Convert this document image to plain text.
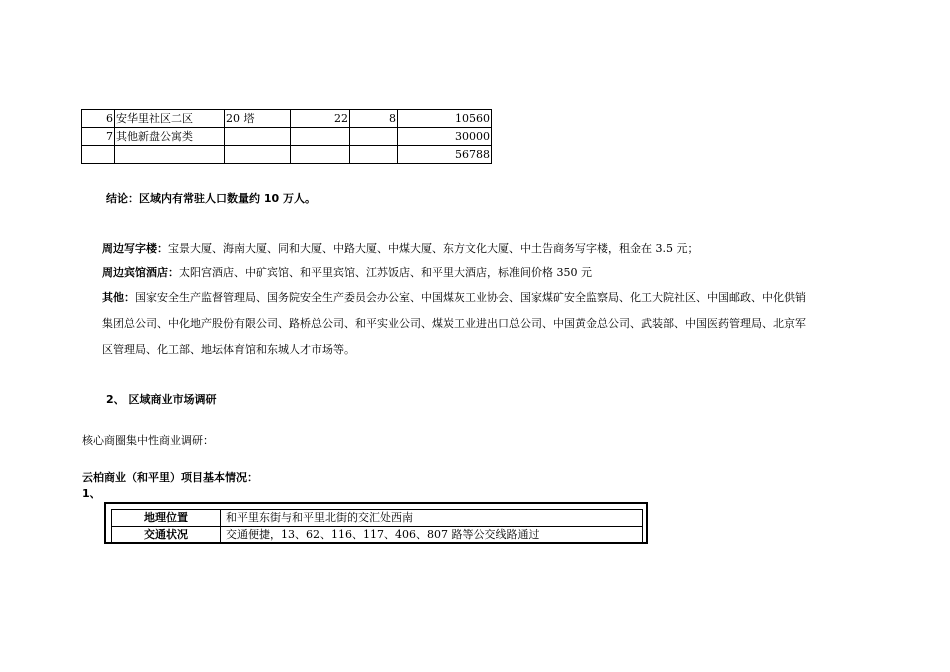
6	安华里社区二区	20 塔	22	8	10560
7	其他新盘公寓类				30000
					56788
结论：区域内有常驻人口数量约 10 万人。
周边写字楼：宝景大厦、海南大厦、同和大厦、中路大厦、中煤大厦、东方文化大厦、中土告商务写字楼，租金在 3.5 元；
周边宾馆酒店：太阳宫酒店、中矿宾馆、和平里宾馆、江苏饭店、和平里大酒店，标准间价格 350 元
其他：国家安全生产监督管理局、国务院安全生产委员会办公室、中国煤灰工业协会、国家煤矿安全监察局、化工大院社区、中国邮政、中化供销
集团总公司、中化地产股份有限公司、路桥总公司、和平实业公司、煤炭工业进出口总公司、中国黄金总公司、武装部、中国医药管理局、北京军
区管理局、化工部、地坛体育馆和东城人才市场等。
2、 区域商业市场调研
核心商圈集中性商业调研：
云柏商业（和平里）项目基本情况：
1、
地理位置	和平里东街与和平里北街的交汇处西南
交通状况	交通便捷，13、62、116、117、406、807 路等公交线路通过
